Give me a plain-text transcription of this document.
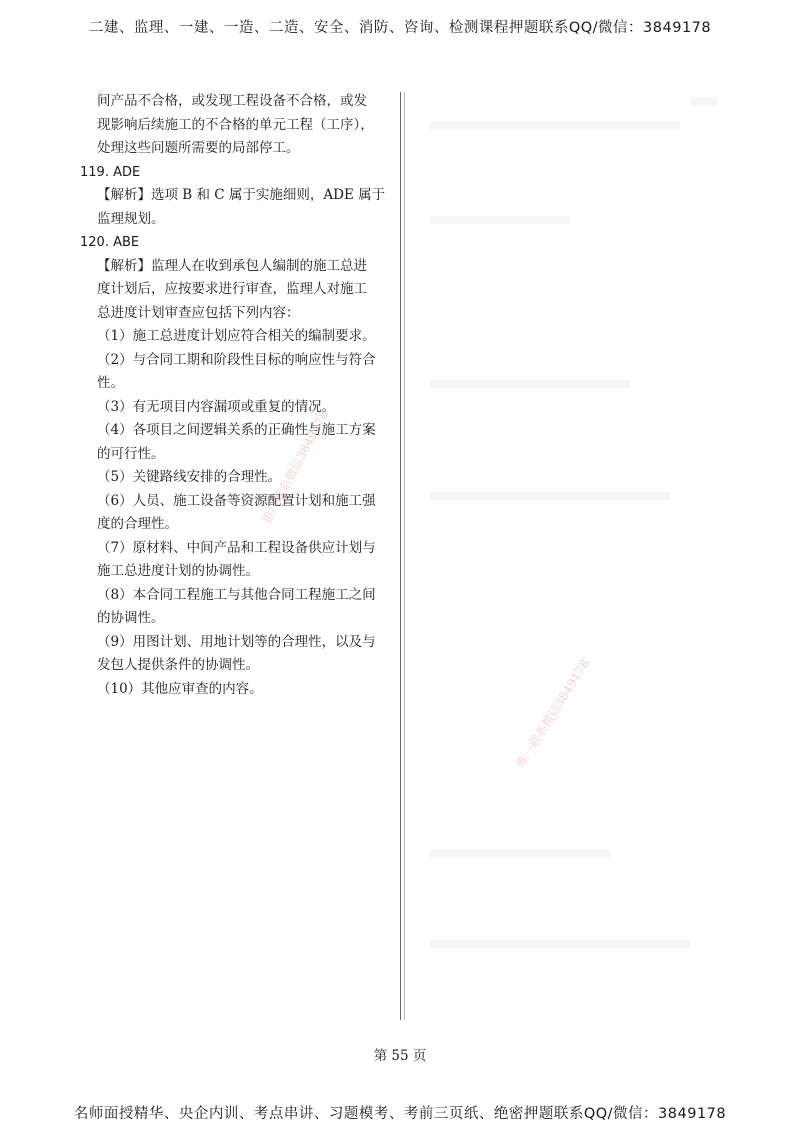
二建、监理、一建、一造、二造、安全、消防、咨询、检测课程押题联系QQ/微信：3849178
间产品不合格，或发现工程设备不合格，或发
现影响后续施工的不合格的单元工程（工序），
处理这些问题所需要的局部停工。
119. ADE
【解析】选项 B 和 C 属于实施细则，ADE 属于
监理规划。
120. ABE
【解析】监理人在收到承包人编制的施工总进
度计划后，应按要求进行审查，监理人对施工
总进度计划审查应包括下列内容：
（1）施工总进度计划应符合相关的编制要求。
（2）与合同工期和阶段性目标的响应性与符合
性。
（3）有无项目内容漏项或重复的情况。
（4）各项目之间逻辑关系的正确性与施工方案
的可行性。
（5）关键路线安排的合理性。
（6）人员、施工设备等资源配置计划和施工强
度的合理性。
（7）原材料、中间产品和工程设备供应计划与
施工总进度计划的协调性。
（8）本合同工程施工与其他合同工程施工之间
的协调性。
（9）用图计划、用地计划等的合理性，以及与
发包人提供条件的协调性。
（10）其他应审查的内容。
推广联系微信3849178
唯一联系微信3849178
第 55 页
名师面授精华、央企内训、考点串讲、习题模考、考前三页纸、绝密押题联系QQ/微信：3849178
